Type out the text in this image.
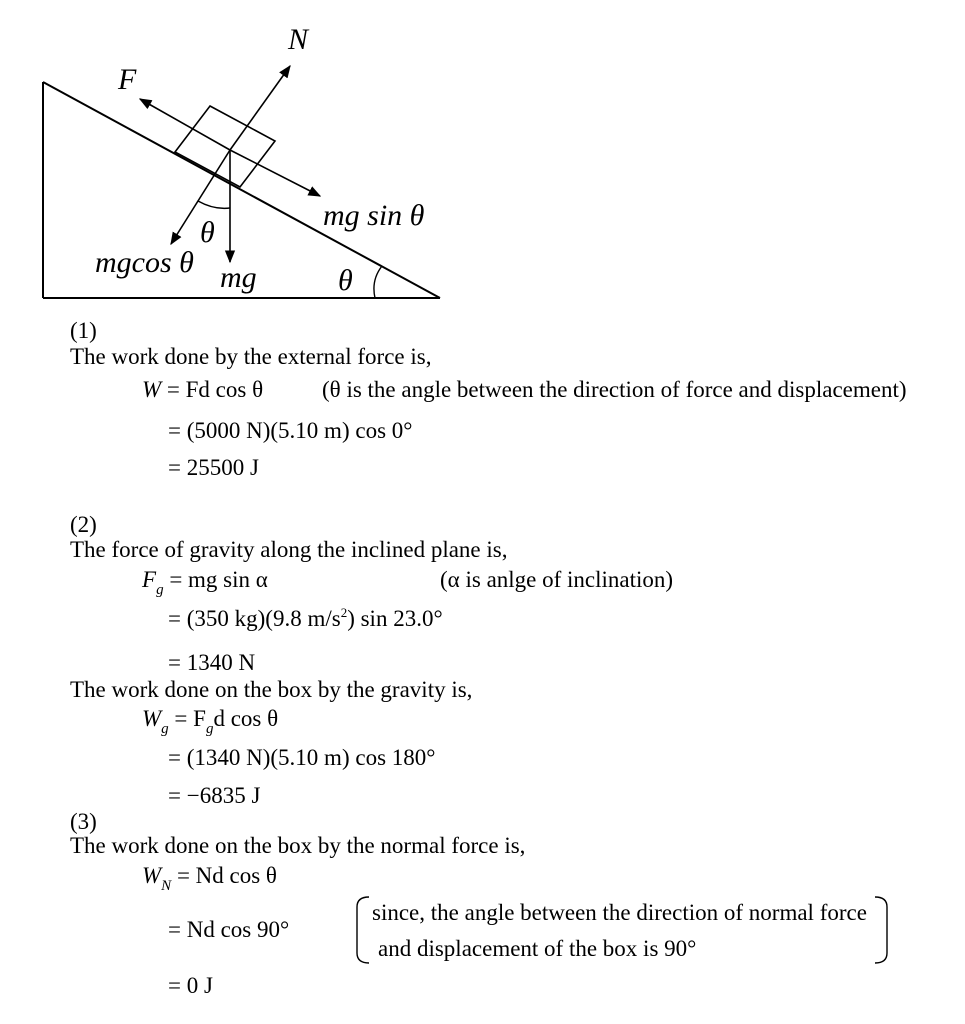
N
F
mg sin θ
mgcos θ mg
θ
θ
(1)
The work done by the external force is,
W = Fd cos θ	(θ is the angle between the direction of force and displacement)
= (5000 N)(5.10 m) cos 0°
= 25500 J
(2)
The force of gravity along the inclined plane is,
$F_g$ = mg sin α	(α is anlge of inclination)
= (350 kg)(9.8 $m/s^2$) sin 23.0°
= 1340 N
The work done on the box by the gravity is,
$W_g = F_gd$ cos θ
= (1340 N)(5.10 m) cos 180°
= −6835 J
(3)
The work done on the box by the normal force is,
$W_N = Nd$ cos θ
= Nd cos 90°
since, the angle between the direction of normal force
and displacement of the box is 90°
= 0 J
